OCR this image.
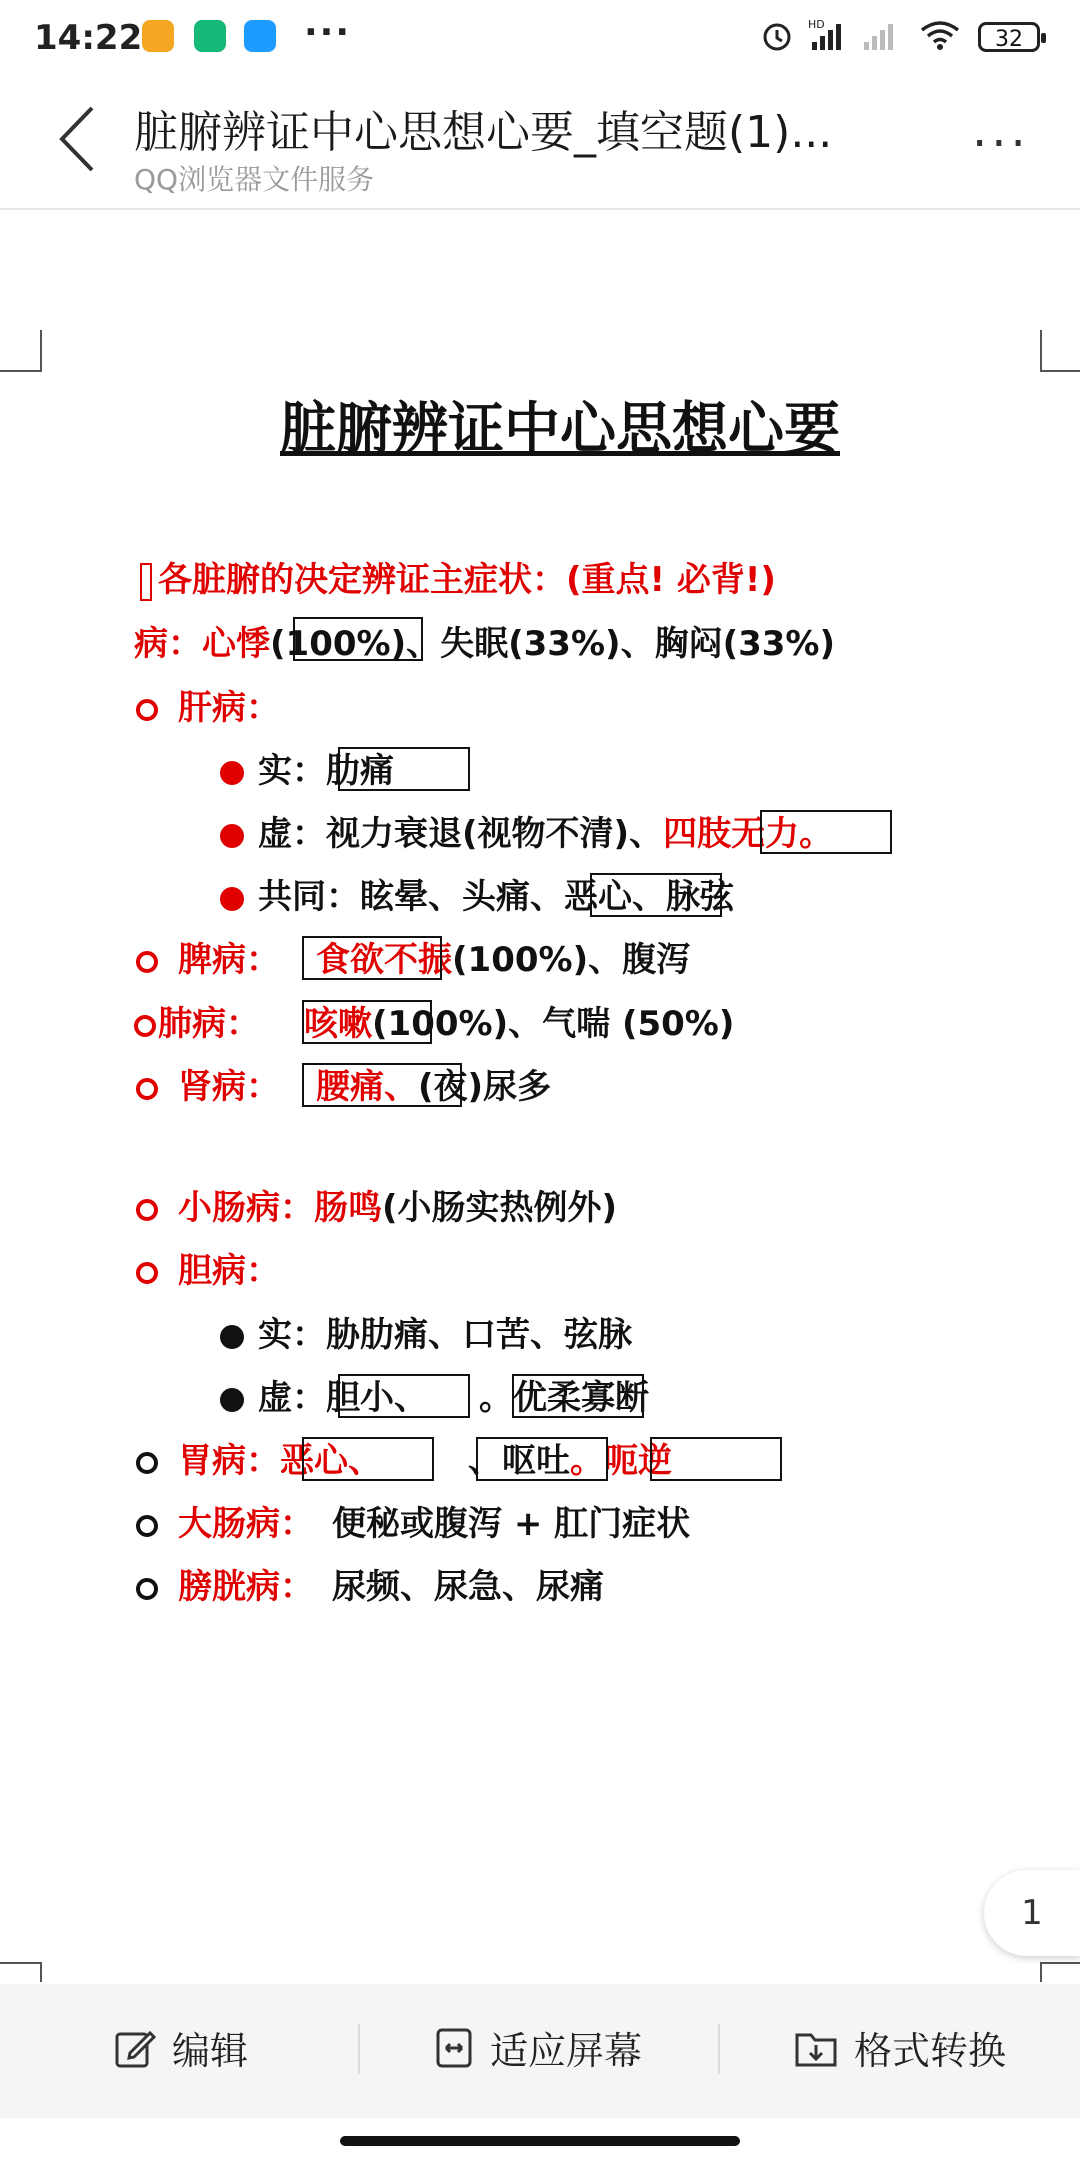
14:22	···	HD
32
脏腑辨证中心思想心要_填空题(1)...
QQ浏览器文件服务
···
脏腑辨证中心思想心要
各脏腑的决定辨证主症状：(重点! 必背!)
病：心悸(100%)、失眠(33%)、胸闷(33%)
肝病：
实：肋痛
虚：视力衰退(视物不清)、四肢无力。
共同：眩晕、头痛、恶心、脉弦
脾病： 食欲不振(100%)、腹泻
肺病： 咳嗽(100%)、气喘 (50%)
肾病： 腰痛、(夜)尿多
小肠病：肠鸣(小肠实热例外)
胆病：
实：胁肋痛、口苦、弦脉
虚：胆小、　　。优柔寡断
胃病：恶心、	、呕吐。呃逆
大肠病： 便秘或腹泻 + 肛门症状
膀胱病： 尿频、尿急、尿痛
1
编辑	适应屏幕	格式转换
